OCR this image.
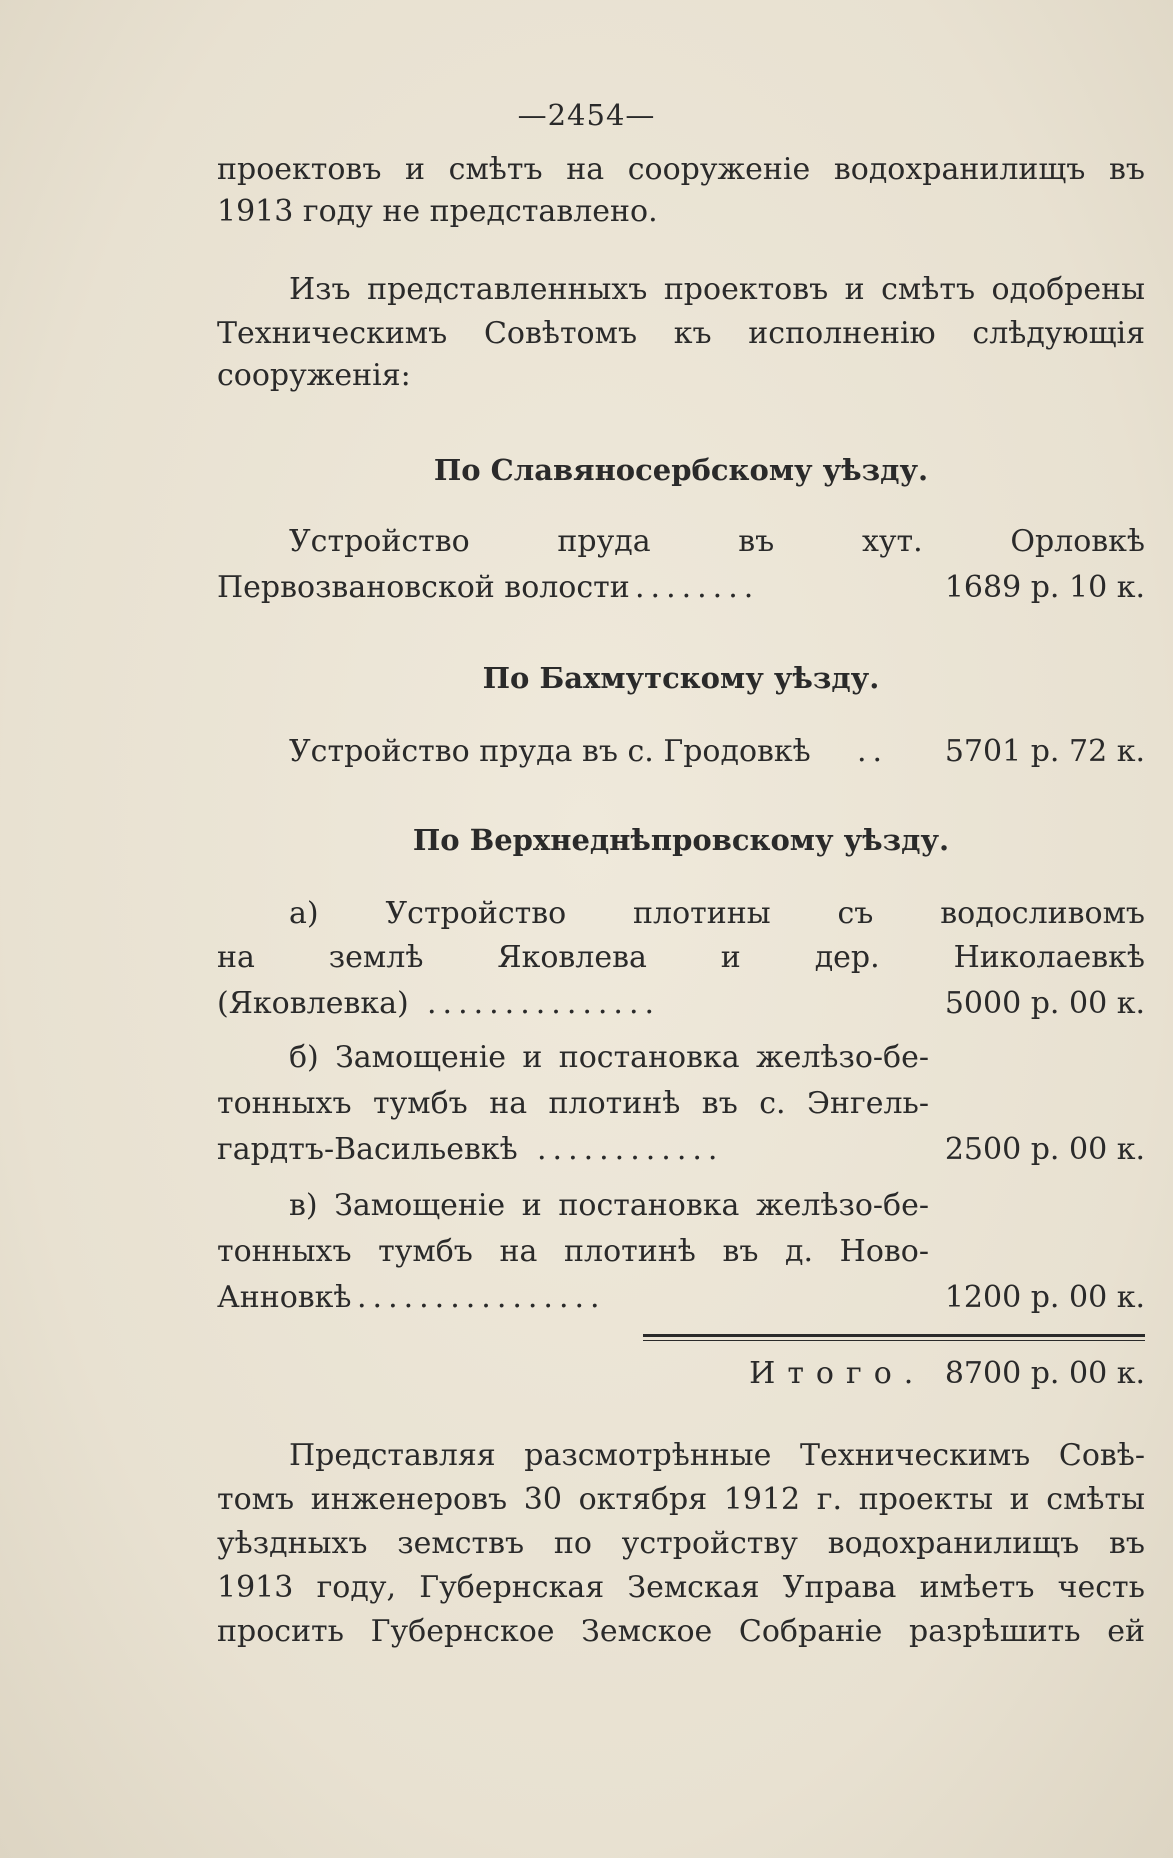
—2454—
проектовъ и смѣтъ на сооруженіе водохранилищъ въ
1913 году не представлено.
Изъ представленныхъ проектовъ и смѣтъ одобрены
Техническимъ Совѣтомъ къ исполненію слѣдующія
сооруженія:
По Славяносербскому уѣзду.
Устройство пруда въ хут. Орловкѣ
Первозвановской волости ........	1689 р. 10 к.
По Бахмутскому уѣзду.
Устройство пруда въ с. Гродовкѣ .. 5701 р. 72 к.
По Верхнеднѣпровскому уѣзду.
а) Устройство плотины съ водосливомъ
на землѣ Яковлева и дер. Николаевкѣ
(Яковлевка) ...............	5000 р. 00 к.
б) Замощеніе и постановка желѣзо-бе-
тонныхъ тумбъ на плотинѣ въ с. Энгель-
гардтъ-Васильевкѣ ............	2500 р. 00 к.
в) Замощеніе и постановка желѣзо-бе-
тонныхъ тумбъ на плотинѣ въ д. Ново-
Анновкѣ ................	1200 р. 00 к.
Итого. 8700 р. 00 к.
Представляя разсмотрѣнные Техническимъ Совѣ-
томъ инженеровъ 30 октября 1912 г. проекты и смѣты
уѣздныхъ земствъ по устройству водохранилищъ въ
1913 году, Губернская Земская Управа имѣетъ честь
просить Губернское Земское Собраніе разрѣшить ей
